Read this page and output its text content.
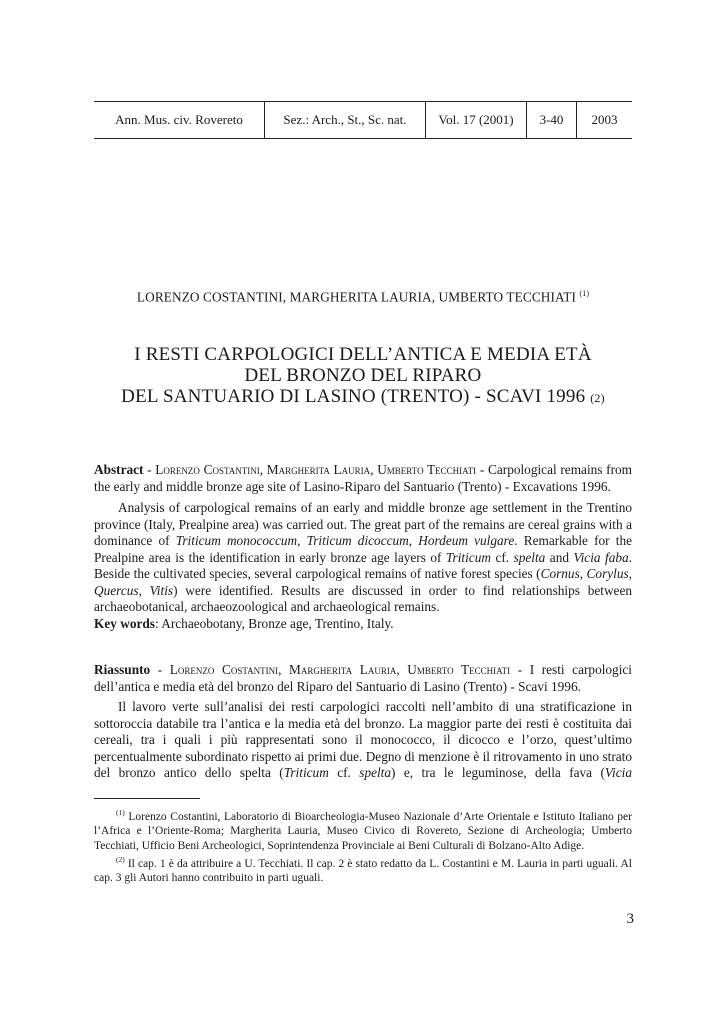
Ann. Mus. civ. Rovereto	Sez.: Arch., St., Sc. nat.	Vol. 17 (2001)	3-40	2003
LORENZO COSTANTINI, MARGHERITA LAURIA, UMBERTO TECCHIATI $^{(1)}$
I RESTI CARPOLOGICI DELL’ANTICA E MEDIA ETÀ
DEL BRONZO DEL RIPARO
DEL SANTUARIO DI LASINO (TRENTO) - SCAVI 1996 (2)

Abstract - Lorenzo Costantini, Margherita Lauria, Umberto Tecchiati - Carpological remains from the early and middle bronze age site of Lasino-Riparo del Santuario (Trento) - Excavations 1996.

Analysis of carpological remains of an early and middle bronze age settlement in the Trentino province (Italy, Prealpine area) was carried out. The great part of the remains are cereal grains with a dominance of Triticum monococcum, Triticum dicoccum, Hordeum vulgare. Remarkable for the Prealpine area is the identification in early bronze age layers of Triticum cf. spelta and Vicia faba. Beside the cultivated species, several carpological remains of native forest species (Cornus, Corylus, Quercus, Vitis) were identified. Results are discussed in order to find relationships between archaeobotanical, archaeozoological and archaeological remains.

Key words: Archaeobotany, Bronze age, Trentino, Italy.

Riassunto - Lorenzo Costantini, Margherita Lauria, Umberto Tecchiati - I resti carpologici dell’antica e media età del bronzo del Riparo del Santuario di Lasino (Trento) - Scavi 1996.

Il lavoro verte sull’analisi dei resti carpologici raccolti nell’ambito di una stratificazione in sottoroccia databile tra l’antica e la media età del bronzo. La maggior parte dei resti è costituita dai cereali, tra i quali i più rappresentati sono il monococco, il dicocco e l’orzo, quest’ultimo percentualmente subordinato rispetto ai primi due. Degno di menzione è il ritrovamento in uno strato del bronzo antico dello spelta (Triticum cf. spelta) e, tra le leguminose, della fava (Vicia

$^{(1)}$ Lorenzo Costantini, Laboratorio di Bioarcheologia-Museo Nazionale d’Arte Orientale e Istituto Italiano per l’Africa e l’Oriente-Roma; Margherita Lauria, Museo Civico di Rovereto, Sezione di Archeologia; Umberto Tecchiati, Ufficio Beni Archeologici, Soprintendenza Provinciale ai Beni Culturali di Bolzano-Alto Adige.

$^{(2)}$ Il cap. 1 è da attribuire a U. Tecchiati. Il cap. 2 è stato redatto da L. Costantini e M. Lauria in parti uguali. Al cap. 3 gli Autori hanno contribuito in parti uguali.

3
